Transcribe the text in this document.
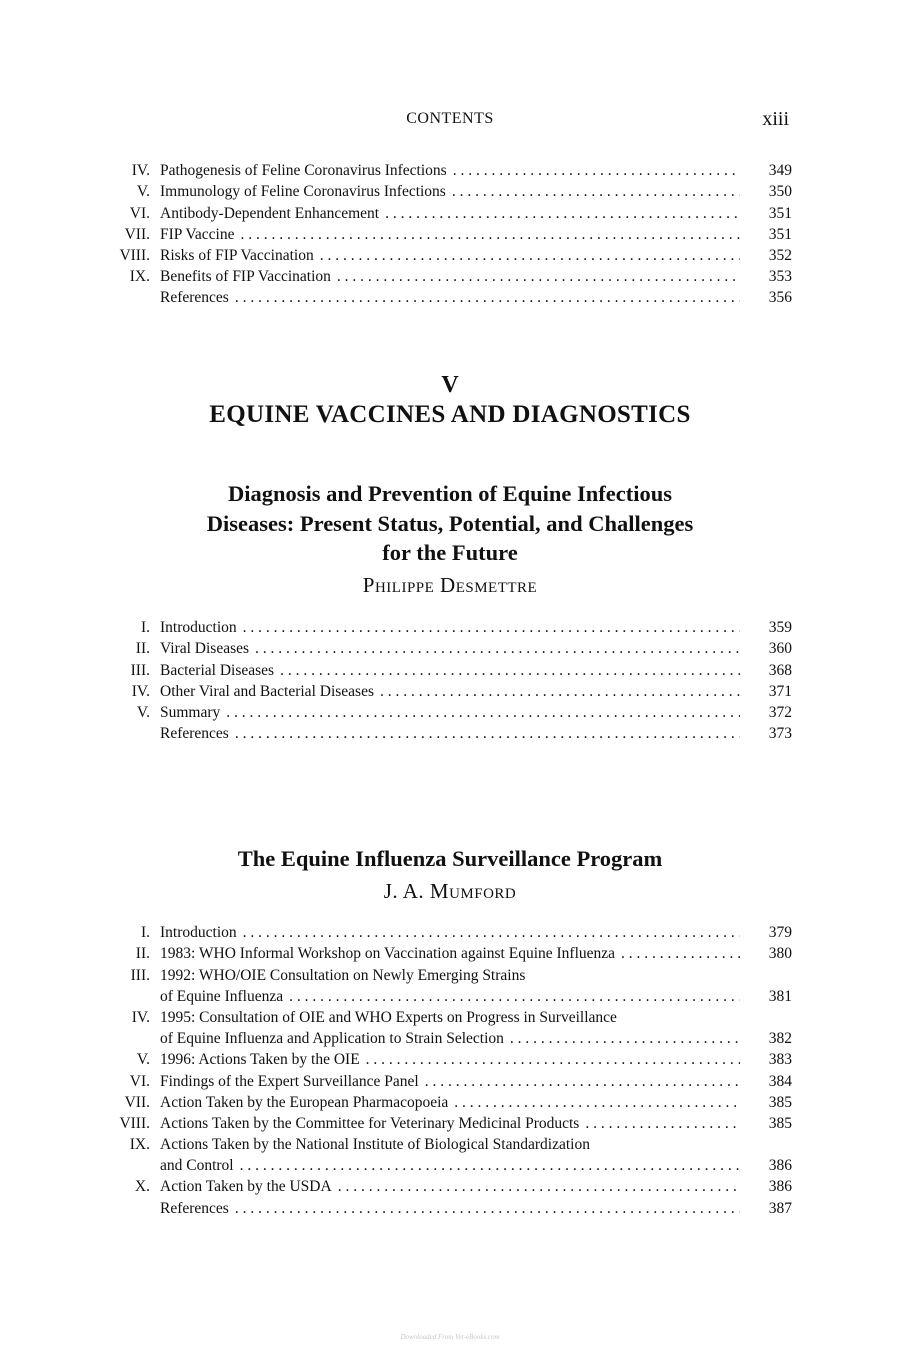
CONTENTS	xiii
IV. Pathogenesis of Feline Coronavirus Infections . . .	349
V. Immunology of Feline Coronavirus Infections . . .	350
VI. Antibody-Dependent Enhancement . . .	351
VII. FIP Vaccine . . .	351
VIII. Risks of FIP Vaccination . . .	352
IX. Benefits of FIP Vaccination . . .	353
References . . .	356
V
EQUINE VACCINES AND DIAGNOSTICS
Diagnosis and Prevention of Equine Infectious
Diseases: Present Status, Potential, and Challenges
for the Future
Philippe Desmettre
I. Introduction . . .	359
II. Viral Diseases . . .	360
III. Bacterial Diseases . . .	368
IV. Other Viral and Bacterial Diseases . . .	371
V. Summary . . .	372
References . . .	373
The Equine Influenza Surveillance Program
J. A. Mumford
I. Introduction . . .	379
II. 1983: WHO Informal Workshop on Vaccination against Equine Influenza . . .	380
III. 1992: WHO/OIE Consultation on Newly Emerging Strains
of Equine Influenza . . .	381
IV. 1995: Consultation of OIE and WHO Experts on Progress in Surveillance
of Equine Influenza and Application to Strain Selection . . .	382
V. 1996: Actions Taken by the OIE . . .	383
VI. Findings of the Expert Surveillance Panel . . .	384
VII. Action Taken by the European Pharmacopoeia . . .	385
VIII. Actions Taken by the Committee for Veterinary Medicinal Products . . .	385
IX. Actions Taken by the National Institute of Biological Standardization
and Control . . .	386
X. Action Taken by the USDA . . .	386
References . . .	387
Downloaded From Vet-eBooks.com
